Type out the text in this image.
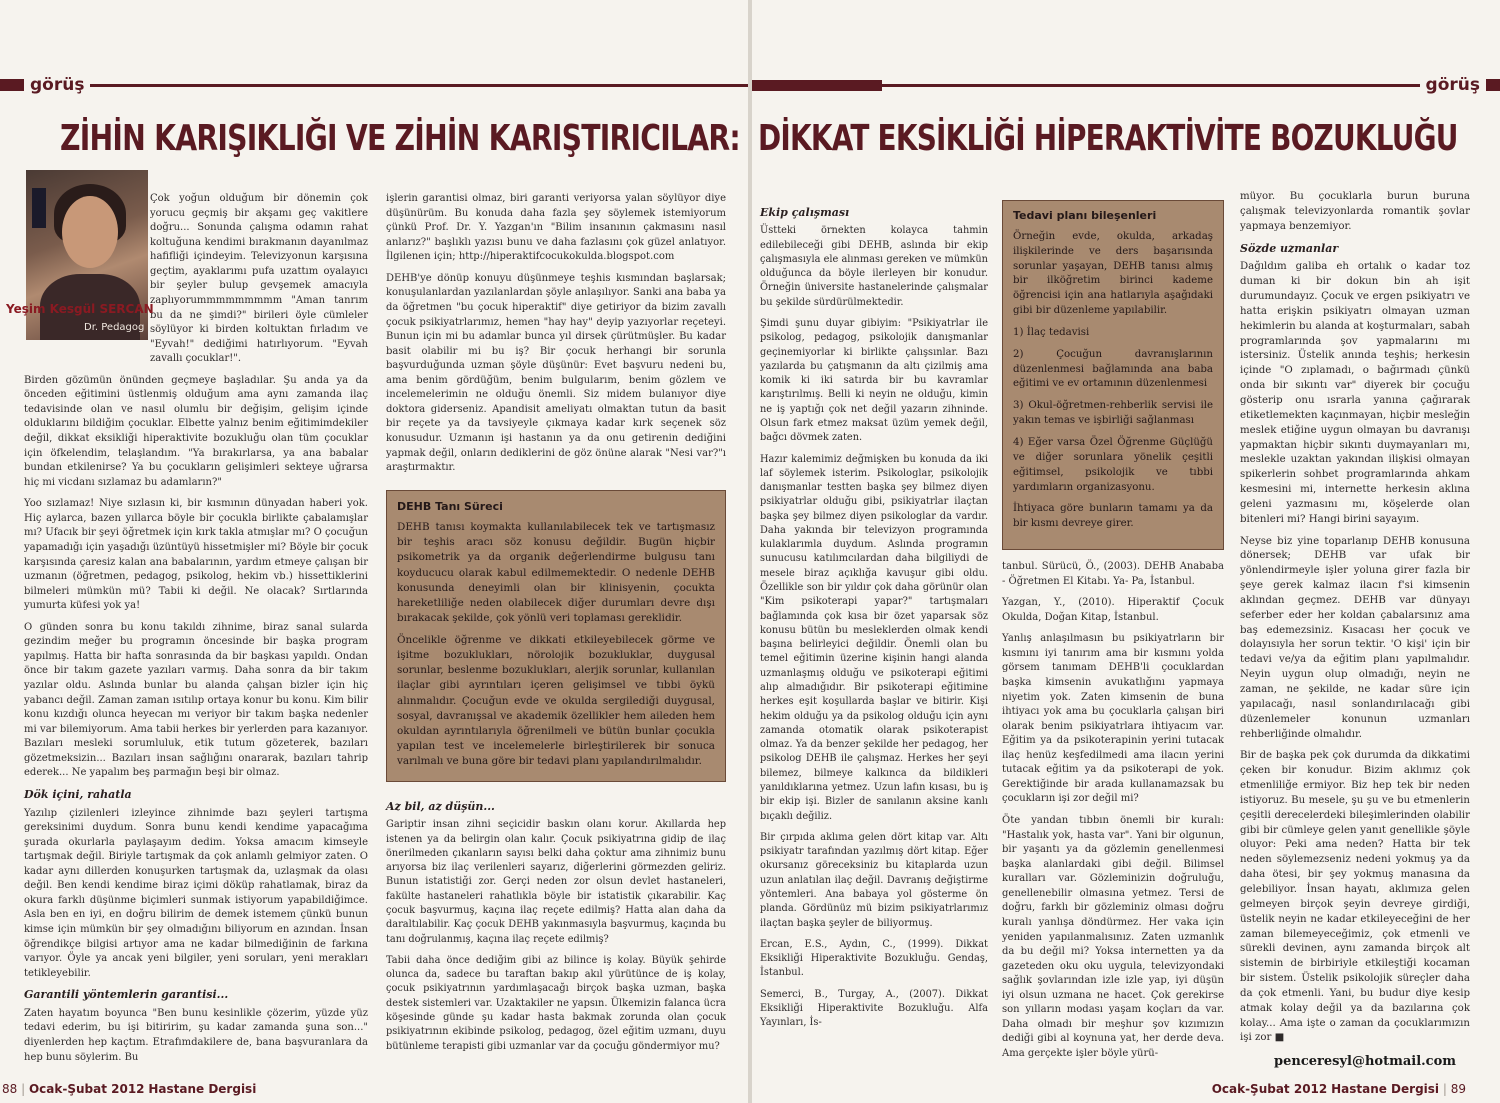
görüş
ZİHİN KARIŞIKLIĞI VE ZİHİN KARIŞTIRICILAR:
Yeşim Kesgül SERCAN
Dr. Pedagog

Çok yoğun olduğum bir dönemin çok yorucu geçmiş bir akşamı geç vakitlere doğru... Sonunda çalışma odamın rahat koltuğuna kendimi bırakmanın dayanılmaz hafifliği içindeyim. Televizyonun karşısına geçtim, ayaklarımı pufa uzattım oyalayıcı bir şeyler bulup gevşemek amacıyla zaplıyorummmmmmmmm "Aman tanrım bu da ne şimdi?" birileri öyle cümleler söylüyor ki birden koltuktan fırladım ve "Eyvah!" dediğimi hatırlıyorum. "Eyvah zavallı çocuklar!".

Birden gözümün önünden geçmeye başladılar. Şu anda ya da önceden eğitimini üstlenmiş olduğum ama aynı zamanda ilaç tedavisinde olan ve nasıl olumlu bir değişim, gelişim içinde olduklarını bildiğim çocuklar. Elbette yalnız benim eğitimimdekiler değil, dikkat eksikliği hiperaktivite bozukluğu olan tüm çocuklar için öfkelendim, telaşlandım. "Ya bırakırlarsa, ya ana babalar bundan etkilenirse? Ya bu çocukların gelişimleri sekteye uğrarsa hiç mi vicdanı sızlamaz bu adamların?"

Yoo sızlamaz! Niye sızlasın ki, bir kısmının dünyadan haberi yok. Hiç aylarca, bazen yıllarca böyle bir çocukla birlikte çabalamışlar mı? Ufacık bir şeyi öğretmek için kırk takla atmışlar mı? O çocuğun yapamadığı için yaşadığı üzüntüyü hissetmişler mi? Böyle bir çocuk karşısında çaresiz kalan ana babalarının, yardım etmeye çalışan bir uzmanın (öğretmen, pedagog, psikolog, hekim vb.) hissettiklerini bilmeleri mümkün mü? Tabii ki değil. Ne olacak? Sırtlarında yumurta küfesi yok ya!

O günden sonra bu konu takıldı zihnime, biraz sanal sularda gezindim meğer bu programın öncesinde bir başka program yapılmış. Hatta bir hafta sonrasında da bir başkası yapıldı. Ondan önce bir takım gazete yazıları varmış. Daha sonra da bir takım yazılar oldu. Aslında bunlar bu alanda çalışan bizler için hiç yabancı değil. Zaman zaman ısıtılıp ortaya konur bu konu. Kim bilir konu kızdığı olunca heyecan mı veriyor bir takım başka nedenler mi var bilemiyorum. Ama tabii herkes bir yerlerden para kazanıyor. Bazıları mesleki sorumluluk, etik tutum gözeterek, bazıları gözetmeksizin... Bazıları insan sağlığını onararak, bazıları tahrip ederek... Ne yapalım beş parmağın beşi bir olmaz.

Dök içini, rahatla

Yazılıp çizilenleri izleyince zihnimde bazı şeyleri tartışma gereksinimi duydum. Sonra bunu kendi kendime yapacağıma şurada okurlarla paylaşayım dedim. Yoksa amacım kimseyle tartışmak değil. Biriyle tartışmak da çok anlamlı gelmiyor zaten. O kadar aynı dillerden konuşurken tartışmak da, uzlaşmak da olası değil. Ben kendi kendime biraz içimi döküp rahatlamak, biraz da okura farklı düşünme biçimleri sunmak istiyorum yapabildiğimce. Asla ben en iyi, en doğru bilirim de demek istemem çünkü bunun kimse için mümkün bir şey olmadığını biliyorum en azından. İnsan öğrendikçe bilgisi artıyor ama ne kadar bilmediğinin de farkına varıyor. Öyle ya ancak yeni bilgiler, yeni soruları, yeni merakları tetikleyebilir.

Garantili yöntemlerin garantisi...

Zaten hayatım boyunca "Ben bunu kesinlikle çözerim, yüzde yüz tedavi ederim, bu işi bitiririm, şu kadar zamanda şuna son..." diyenlerden hep kaçtım. Etrafımdakilere de, bana başvuranlara da hep bunu söylerim. Bu

işlerin garantisi olmaz, biri garanti veriyorsa yalan söylüyor diye düşünürüm. Bu konuda daha fazla şey söylemek istemiyorum çünkü Prof. Dr. Y. Yazgan'ın "Bilim insanının çakmasını nasıl anlarız?" başlıklı yazısı bunu ve daha fazlasını çok güzel anlatıyor. İlgilenen için; http://hiperaktifcocukokulda.blogspot.com

DEHB'ye dönüp konuyu düşünmeye teşhis kısmından başlarsak; konuşulanlardan yazılanlardan şöyle anlaşılıyor. Sanki ana baba ya da öğretmen "bu çocuk hiperaktif" diye getiriyor da bizim zavallı çocuk psikiyatrlarımız, hemen "hay hay" deyip yazıyorlar reçeteyi. Bunun için mi bu adamlar bunca yıl dirsek çürütmüşler. Bu kadar basit olabilir mi bu iş? Bir çocuk herhangi bir sorunla başvurduğunda uzman şöyle düşünür: Evet başvuru nedeni bu, ama benim gördüğüm, benim bulgularım, benim gözlem ve incelemelerimin ne olduğu önemli. Siz midem bulanıyor diye doktora giderseniz. Apandisit ameliyatı olmaktan tutun da basit bir reçete ya da tavsiyeyle çıkmaya kadar kırk seçenek söz konusudur. Uzmanın işi hastanın ya da onu getirenin dediğini yapmak değil, onların dediklerini de göz önüne alarak "Nesi var?"ı araştırmaktır.

DEHB Tanı Süreci

DEHB tanısı koymakta kullanılabilecek tek ve tartışmasız bir teşhis aracı söz konusu değildir. Bugün hiçbir psikometrik ya da organik değerlendirme bulgusu tanı koyducucu olarak kabul edilmemektedir. O nedenle DEHB konusunda deneyimli olan bir klinisyenin, çocukta hareketliliğe neden olabilecek diğer durumları devre dışı bırakacak şekilde, çok yönlü veri toplaması gereklidir.

Öncelikle öğrenme ve dikkati etkileyebilecek görme ve işitme bozuklukları, nörolojik bozukluklar, duygusal sorunlar, beslenme bozuklukları, alerjik sorunlar, kullanılan ilaçlar gibi ayrıntıları içeren gelişimsel ve tıbbi öykü alınmalıdır. Çocuğun evde ve okulda sergilediği duygusal, sosyal, davranışsal ve akademik özellikler hem aileden hem okuldan ayrıntılarıyla öğrenilmeli ve bütün bunlar çocukla yapılan test ve incelemelerle birleştirilerek bir sonuca varılmalı ve buna göre bir tedavi planı yapılandırılmalıdır.

Az bil, az düşün...

Gariptir insan zihni seçicidir baskın olanı korur. Akıllarda hep istenen ya da belirgin olan kalır. Çocuk psikiyatrına gidip de ilaç önerilmeden çıkanların sayısı belki daha çoktur ama zihnimiz bunu arıyorsa biz ilaç verilenleri sayarız, diğerlerini görmezden geliriz. Bunun istatistiği zor. Gerçi neden zor olsun devlet hastaneleri, fakülte hastaneleri rahatlıkla böyle bir istatistik çıkarabilir. Kaç çocuk başvurmuş, kaçına ilaç reçete edilmiş? Hatta alan daha da daraltılabilir. Kaç çocuk DEHB yakınmasıyla başvurmuş, kaçında bu tanı doğrulanmış, kaçına ilaç reçete edilmiş?

Tabii daha önce dediğim gibi az bilince iş kolay. Büyük şehirde olunca da, sadece bu taraftan bakıp akıl yürütünce de iş kolay, çocuk psikiyatrının yardımlaşacağı birçok başka uzman, başka destek sistemleri var. Uzaktakiler ne yapsın. Ülkemizin falanca ücra köşesinde günde şu kadar hasta bakmak zorunda olan çocuk psikiyatrının ekibinde psikolog, pedagog, özel eğitim uzmanı, duyu bütünleme terapisti gibi uzmanlar var da çocuğu göndermiyor mu?

88 | Ocak-Şubat 2012 Hastane Dergisi
görüş
DİKKAT EKSİKLİĞİ HİPERAKTİVİTE BOZUKLUĞU
Ekip çalışması

Üstteki örnekten kolayca tahmin edilebileceği gibi DEHB, aslında bir ekip çalışmasıyla ele alınması gereken ve mümkün olduğunca da böyle ilerleyen bir konudur. Örneğin üniversite hastanelerinde çalışmalar bu şekilde sürdürülmektedir.

Şimdi şunu duyar gibiyim: "Psikiyatrlar ile psikolog, pedagog, psikolojik danışmanlar geçinemiyorlar ki birlikte çalışsınlar. Bazı yazılarda bu çatışmanın da altı çizilmiş ama komik ki iki satırda bir bu kavramlar karıştırılmış. Belli ki neyin ne olduğu, kimin ne iş yaptığı çok net değil yazarın zihninde. Olsun fark etmez maksat üzüm yemek değil, bağcı dövmek zaten.

Hazır kalemimiz değmişken bu konuda da iki laf söylemek isterim. Psikologlar, psikolojik danışmanlar testten başka şey bilmez diyen psikiyatrlar olduğu gibi, psikiyatrlar ilaçtan başka şey bilmez diyen psikologlar da vardır. Daha yakında bir televizyon programında kulaklarımla duydum. Aslında programın sunucusu katılımcılardan daha bilgiliydi de mesele biraz açıklığa kavuşur gibi oldu. Özellikle son bir yıldır çok daha görünür olan "Kim psikoterapi yapar?" tartışmaları bağlamında çok kısa bir özet yaparsak söz konusu bütün bu mesleklerden olmak kendi başına belirleyici değildir. Önemli olan bu temel eğitimin üzerine kişinin hangi alanda uzmanlaşmış olduğu ve psikoterapi eğitimi alıp almadığıdır. Bir psikoterapi eğitimine herkes eşit koşullarda başlar ve bitirir. Kişi hekim olduğu ya da psikolog olduğu için aynı zamanda otomatik olarak psikoterapist olmaz. Ya da benzer şekilde her pedagog, her psikolog DEHB ile çalışmaz. Herkes her şeyi bilemez, bilmeye kalkınca da bildikleri yanıldıklarına yetmez. Uzun lafın kısası, bu iş bir ekip işi. Bizler de sanılanın aksine kanlı bıçaklı değiliz.

Bir çırpıda aklıma gelen dört kitap var. Altı psikiyatr tarafından yazılmış dört kitap. Eğer okursanız göreceksiniz bu kitaplarda uzun uzun anlatılan ilaç değil. Davranış değiştirme yöntemleri. Ana babaya yol gösterme ön planda. Gördünüz mü bizim psikiyatrlarımız ilaçtan başka şeyler de biliyormuş.

Ercan, E.S., Aydın, C., (1999). Dikkat Eksikliği Hiperaktivite Bozukluğu. Gendaş, İstanbul.

Semerci, B., Turgay, A., (2007). Dikkat Eksikliği Hiperaktivite Bozukluğu. Alfa Yayınları, İs-

Tedavi planı bileşenleri

Örneğin evde, okulda, arkadaş ilişkilerinde ve ders başarısında sorunlar yaşayan, DEHB tanısı almış bir ilköğretim birinci kademe öğrencisi için ana hatlarıyla aşağıdaki gibi bir düzenleme yapılabilir.

1) İlaç tedavisi

2) Çocuğun davranışlarının düzenlenmesi bağlamında ana baba eğitimi ve ev ortamının düzenlenmesi

3) Okul-öğretmen-rehberlik servisi ile yakın temas ve işbirliği sağlanması

4) Eğer varsa Özel Öğrenme Güçlüğü ve diğer sorunlara yönelik çeşitli eğitimsel, psikolojik ve tıbbi yardımların organizasyonu.

İhtiyaca göre bunların tamamı ya da bir kısmı devreye girer.

tanbul. Sürücü, Ö., (2003). DEHB Anababa - Öğretmen El Kitabı. Ya- Pa, İstanbul.

Yazgan, Y., (2010). Hiperaktif Çocuk Okulda, Doğan Kitap, İstanbul.

Yanlış anlaşılmasın bu psikiyatrların bir kısmını iyi tanırım ama bir kısmını yolda görsem tanımam DEHB'li çocuklardan başka kimsenin avukatlığını yapmaya niyetim yok. Zaten kimsenin de buna ihtiyacı yok ama bu çocuklarla çalışan biri olarak benim psikiyatrlara ihtiyacım var. Eğitim ya da psikoterapinin yerini tutacak ilaç henüz keşfedilmedi ama ilacın yerini tutacak eğitim ya da psikoterapi de yok. Gerektiğinde bir arada kullanamazsak bu çocukların işi zor değil mi?

Öte yandan tıbbın önemli bir kuralı: "Hastalık yok, hasta var". Yani bir olgunun, bir yaşantı ya da gözlemin genellenmesi başka alanlardaki gibi değil. Bilimsel kuralları var. Gözleminizin doğruluğu, genellenebilir olmasına yetmez. Tersi de doğru, farklı bir gözleminiz olması doğru kuralı yanlışa döndürmez. Her vaka için yeniden yapılanmalısınız. Zaten uzmanlık da bu değil mi? Yoksa internetten ya da gazeteden oku oku uygula, televizyondaki sağlık şovlarından izle izle yap, iyi düşün iyi olsun uzmana ne hacet. Çok gerekirse son yılların modası yaşam koçları da var. Daha olmadı bir meşhur şov kızımızın dediği gibi al koynuna yat, her derde deva. Ama gerçekte işler böyle yürü-

müyor. Bu çocuklarla burun buruna çalışmak televizyonlarda romantik şovlar yapmaya benzemiyor.

Sözde uzmanlar

Dağıldım galiba eh ortalık o kadar toz duman ki bir dokun bin ah işit durumundayız. Çocuk ve ergen psikiyatrı ve hatta erişkin psikiyatrı olmayan uzman hekimlerin bu alanda at koşturmaları, sabah programlarında şov yapmalarını mı istersiniz. Üstelik anında teşhis; herkesin içinde "O zıplamadı, o bağırmadı çünkü onda bir sıkıntı var" diyerek bir çocuğu gösterip onu ısrarla yanına çağırarak etiketlemekten kaçınmayan, hiçbir mesleğin meslek etiğine uygun olmayan bu davranışı yapmaktan hiçbir sıkıntı duymayanları mı, meslekle uzaktan yakından ilişkisi olmayan spikerlerin sohbet programlarında ahkam kesmesini mi, internette herkesin aklına geleni yazmasını mı, köşelerde olan bitenleri mi? Hangi birini sayayım.

Neyse biz yine toparlanıp DEHB konusuna dönersek; DEHB var ufak bir yönlendirmeyle işler yoluna girer fazla bir şeye gerek kalmaz ilacın f'si kimsenin aklından geçmez. DEHB var dünyayı seferber eder her koldan çabalarsınız ama baş edemezsiniz. Kısacası her çocuk ve dolayısıyla her sorun tektir. 'O kişi' için bir tedavi ve/ya da eğitim planı yapılmalıdır. Neyin uygun olup olmadığı, neyin ne zaman, ne şekilde, ne kadar süre için yapılacağı, nasıl sonlandırılacağı gibi düzenlemeler konunun uzmanları rehberliğinde olmalıdır.

Bir de başka pek çok durumda da dikkatimi çeken bir konudur. Bizim aklımız çok etmenliliğe ermiyor. Biz hep tek bir neden istiyoruz. Bu mesele, şu şu ve bu etmenlerin çeşitli derecelerdeki bileşimlerinden olabilir gibi bir cümleye gelen yanıt genellikle şöyle oluyor: Peki ama neden? Hatta bir tek neden söylemezseniz nedeni yokmuş ya da daha ötesi, bir şey yokmuş manasına da gelebiliyor. İnsan hayatı, aklımıza gelen gelmeyen birçok şeyin devreye girdiği, üstelik neyin ne kadar etkileyeceğini de her zaman bilemeyeceğimiz, çok etmenli ve sürekli devinen, aynı zamanda birçok alt sistemin de birbiriyle etkileştiği kocaman bir sistem. Üstelik psikolojik süreçler daha da çok etmenli. Yani, bu budur diye kesip atmak kolay değil ya da bazılarına çok kolay... Ama işte o zaman da çocuklarımızın işi zor ■

penceresyl@hotmail.com
Ocak-Şubat 2012 Hastane Dergisi | 89
